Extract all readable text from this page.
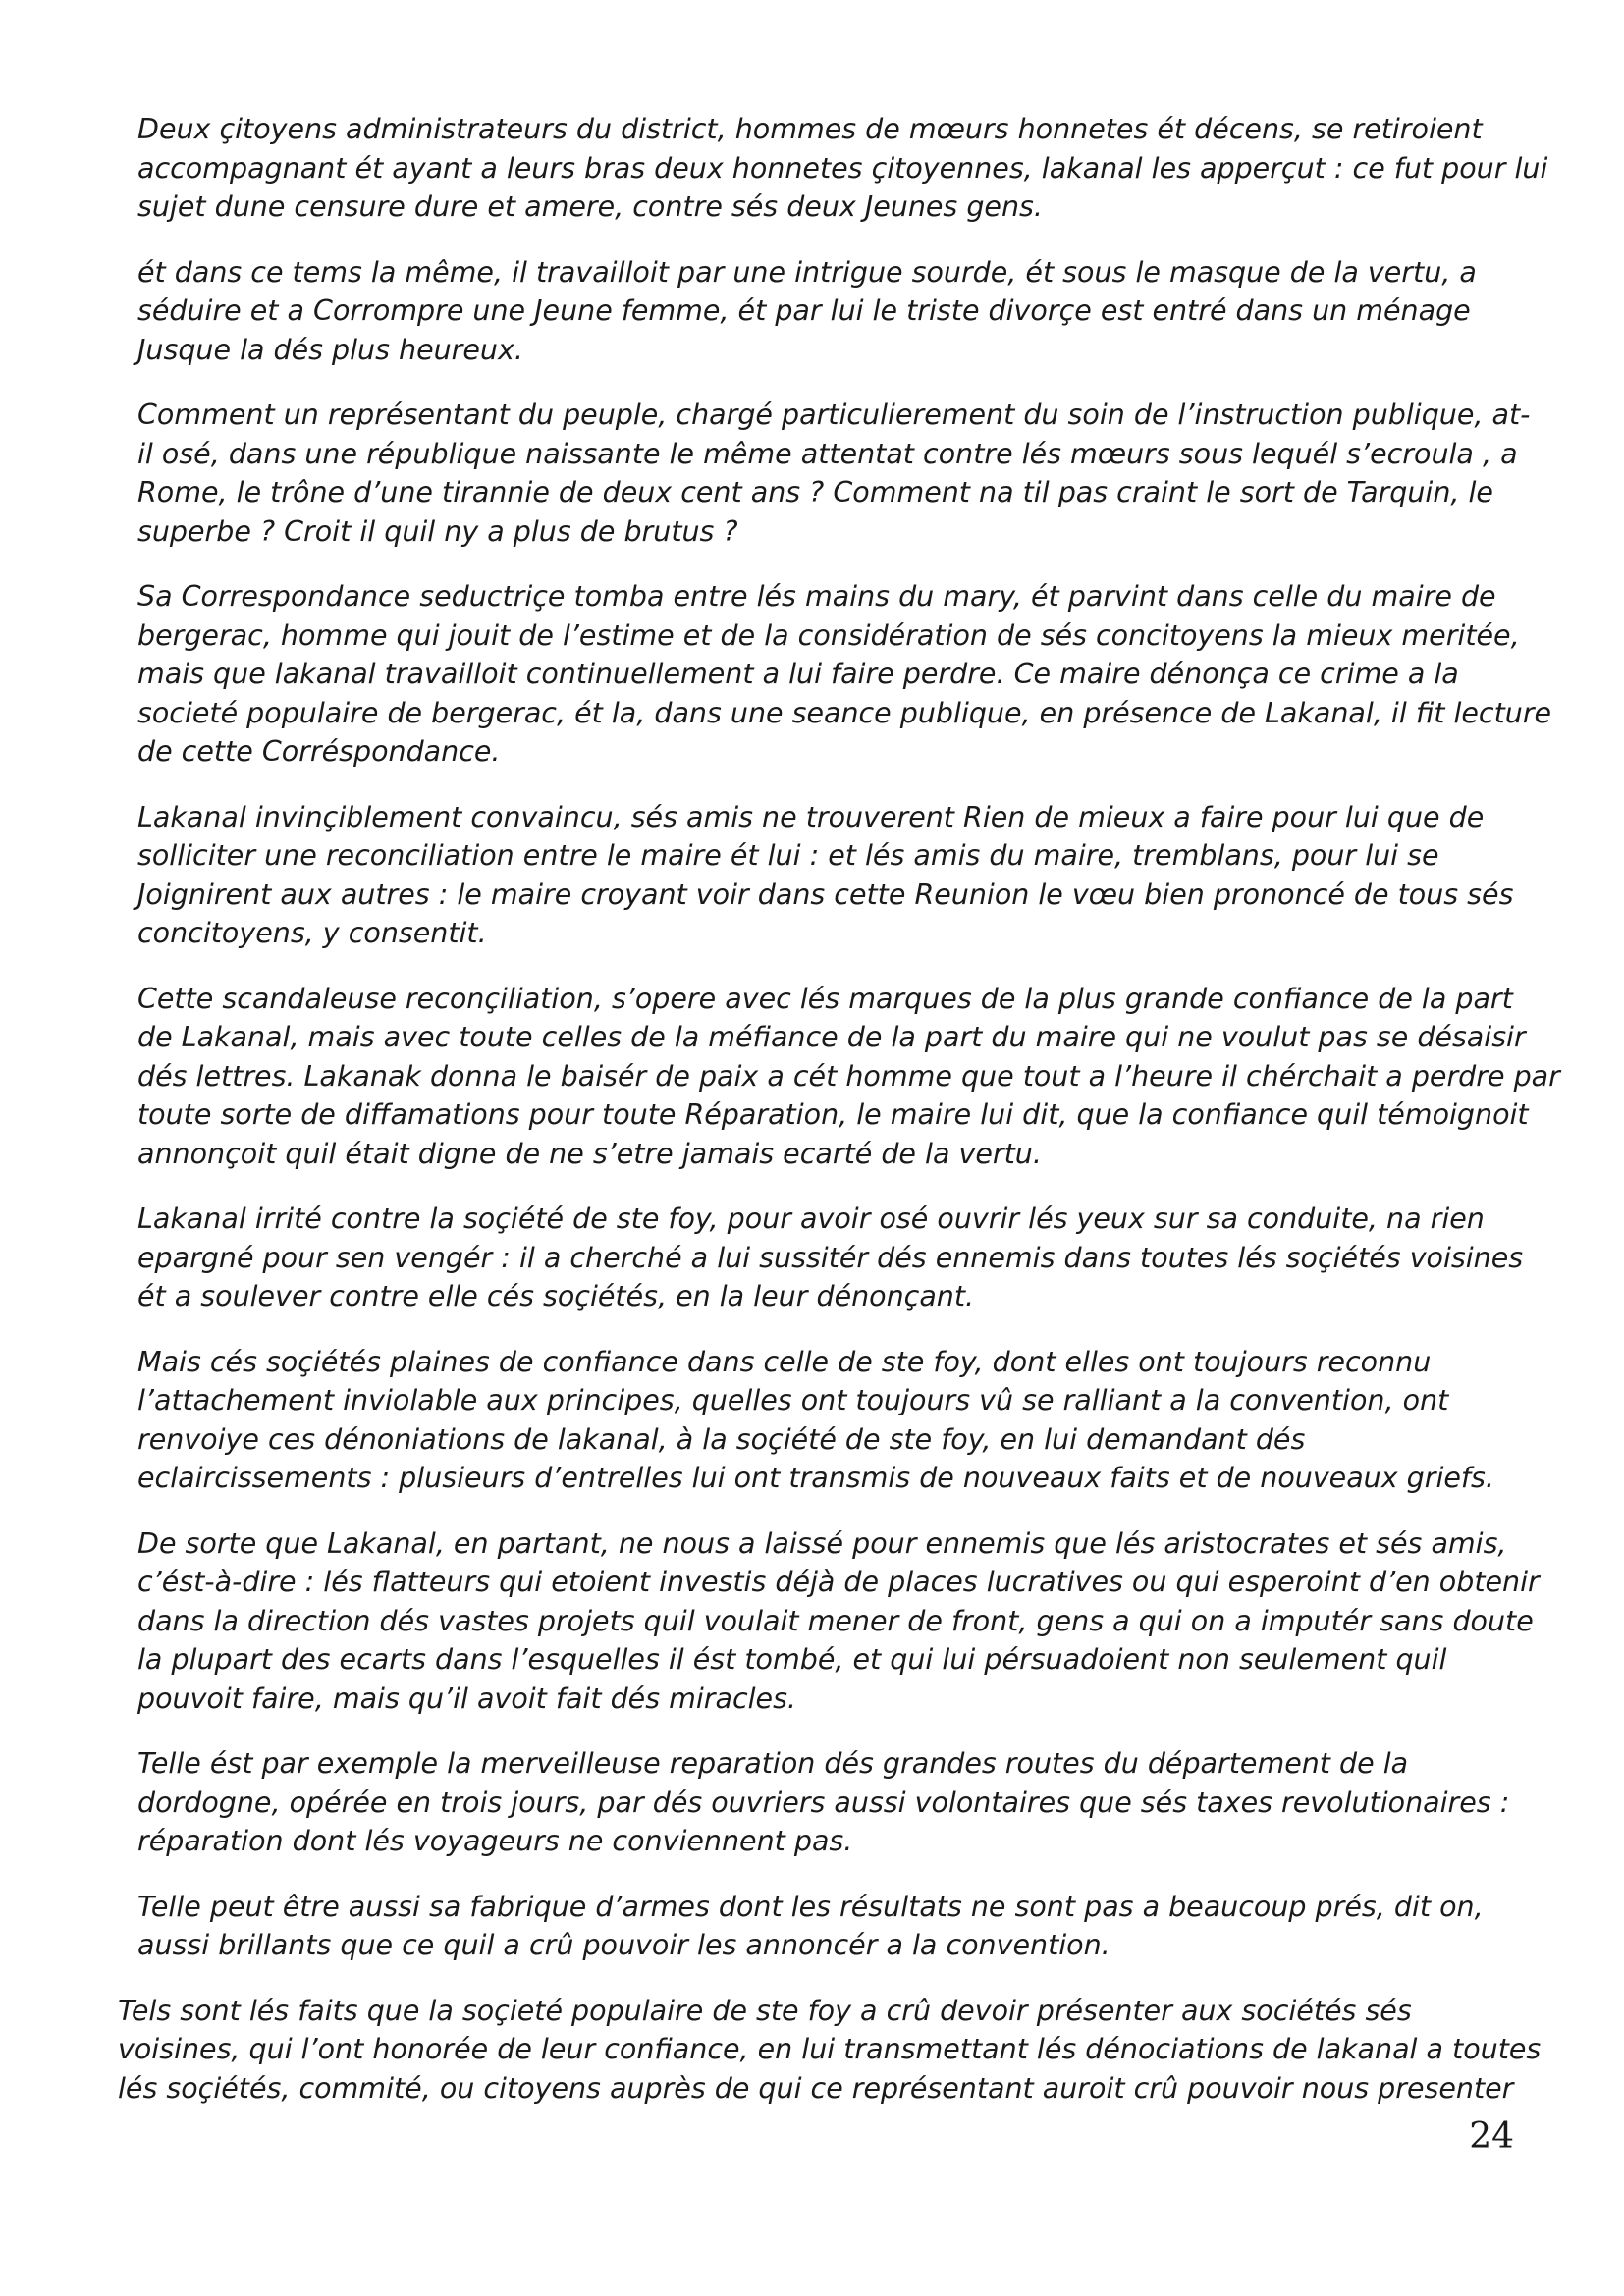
Deux çitoyens administrateurs du district, hommes de mœurs honnetes ét décens, se retiroient
accompagnant ét ayant a leurs bras deux honnetes çitoyennes, lakanal les apperçut : ce fut pour lui
sujet dune censure dure et amere, contre sés deux Jeunes gens.

ét dans ce tems la même, il travailloit par une intrigue sourde, ét sous le masque de la vertu, a
séduire et a Corrompre une Jeune femme, ét par lui le triste divorçe est entré dans un ménage
Jusque la dés plus heureux.

Comment un représentant du peuple, chargé particulierement du soin de l’instruction publique, at-
il osé, dans une république naissante le même attentat contre lés mœurs sous lequél s’ecroula , a
Rome, le trône d’une tirannie de deux cent ans ? Comment na til pas craint le sort de Tarquin, le
superbe ? Croit il quil ny a plus de brutus ?

Sa Correspondance seductriçe tomba entre lés mains du mary, ét parvint dans celle du maire de
bergerac, homme qui jouit de l’estime et de la considération de sés concitoyens la mieux meritée,
mais que lakanal travailloit continuellement a lui faire perdre. Ce maire dénonça ce crime a la
societé populaire de bergerac, ét la, dans une seance publique, en présence de Lakanal, il fit lecture
de cette Corréspondance.

Lakanal invinçiblement convaincu, sés amis ne trouverent Rien de mieux a faire pour lui que de
solliciter une reconciliation entre le maire ét lui : et lés amis du maire, tremblans, pour lui se
Joignirent aux autres : le maire croyant voir dans cette Reunion le vœu bien prononcé de tous sés
concitoyens, y consentit.

Cette scandaleuse reconçiliation, s’opere avec lés marques de la plus grande confiance de la part
de Lakanal, mais avec toute celles de la méfiance de la part du maire qui ne voulut pas se désaisir
dés lettres. Lakanak donna le baisér de paix a cét homme que tout a l’heure il chérchait a perdre par
toute sorte de diffamations pour toute Réparation, le maire lui dit, que la confiance quil témoignoit
annonçoit quil était digne de ne s’etre jamais ecarté de la vertu.

Lakanal irrité contre la soçiété de ste foy, pour avoir osé ouvrir lés yeux sur sa conduite, na rien
epargné pour sen vengér : il a cherché a lui sussitér dés ennemis dans toutes lés soçiétés voisines
ét a soulever contre elle cés soçiétés, en la leur dénonçant.

Mais cés soçiétés plaines de confiance dans celle de ste foy, dont elles ont toujours reconnu
l’attachement inviolable aux principes, quelles ont toujours vû se ralliant a la convention, ont
renvoiye ces dénoniations de lakanal, à la soçiété de ste foy, en lui demandant dés
eclaircissements : plusieurs d’entrelles lui ont transmis de nouveaux faits et de nouveaux griefs.

De sorte que Lakanal, en partant, ne nous a laissé pour ennemis que lés aristocrates et sés amis,
c’ést-à-dire : lés flatteurs qui etoient investis déjà de places lucratives ou qui esperoint d’en obtenir
dans la direction dés vastes projets quil voulait mener de front, gens a qui on a imputér sans doute
la plupart des ecarts dans l’esquelles il ést tombé, et qui lui pérsuadoient non seulement quil
pouvoit faire, mais qu’il avoit fait dés miracles.

Telle ést par exemple la merveilleuse reparation dés grandes routes du département de la
dordogne, opérée en trois jours, par dés ouvriers aussi volontaires que sés taxes revolutionaires :
réparation dont lés voyageurs ne conviennent pas.

Telle peut être aussi sa fabrique d’armes dont les résultats ne sont pas a beaucoup prés, dit on,
aussi brillants que ce quil a crû pouvoir les annoncér a la convention.

Tels sont lés faits que la soçieté populaire de ste foy a crû devoir présenter aux sociétés sés
voisines, qui l’ont honorée de leur confiance, en lui transmettant lés dénociations de lakanal a toutes
lés soçiétés, commité, ou citoyens auprès de qui ce représentant auroit crû pouvoir nous presenter

24
